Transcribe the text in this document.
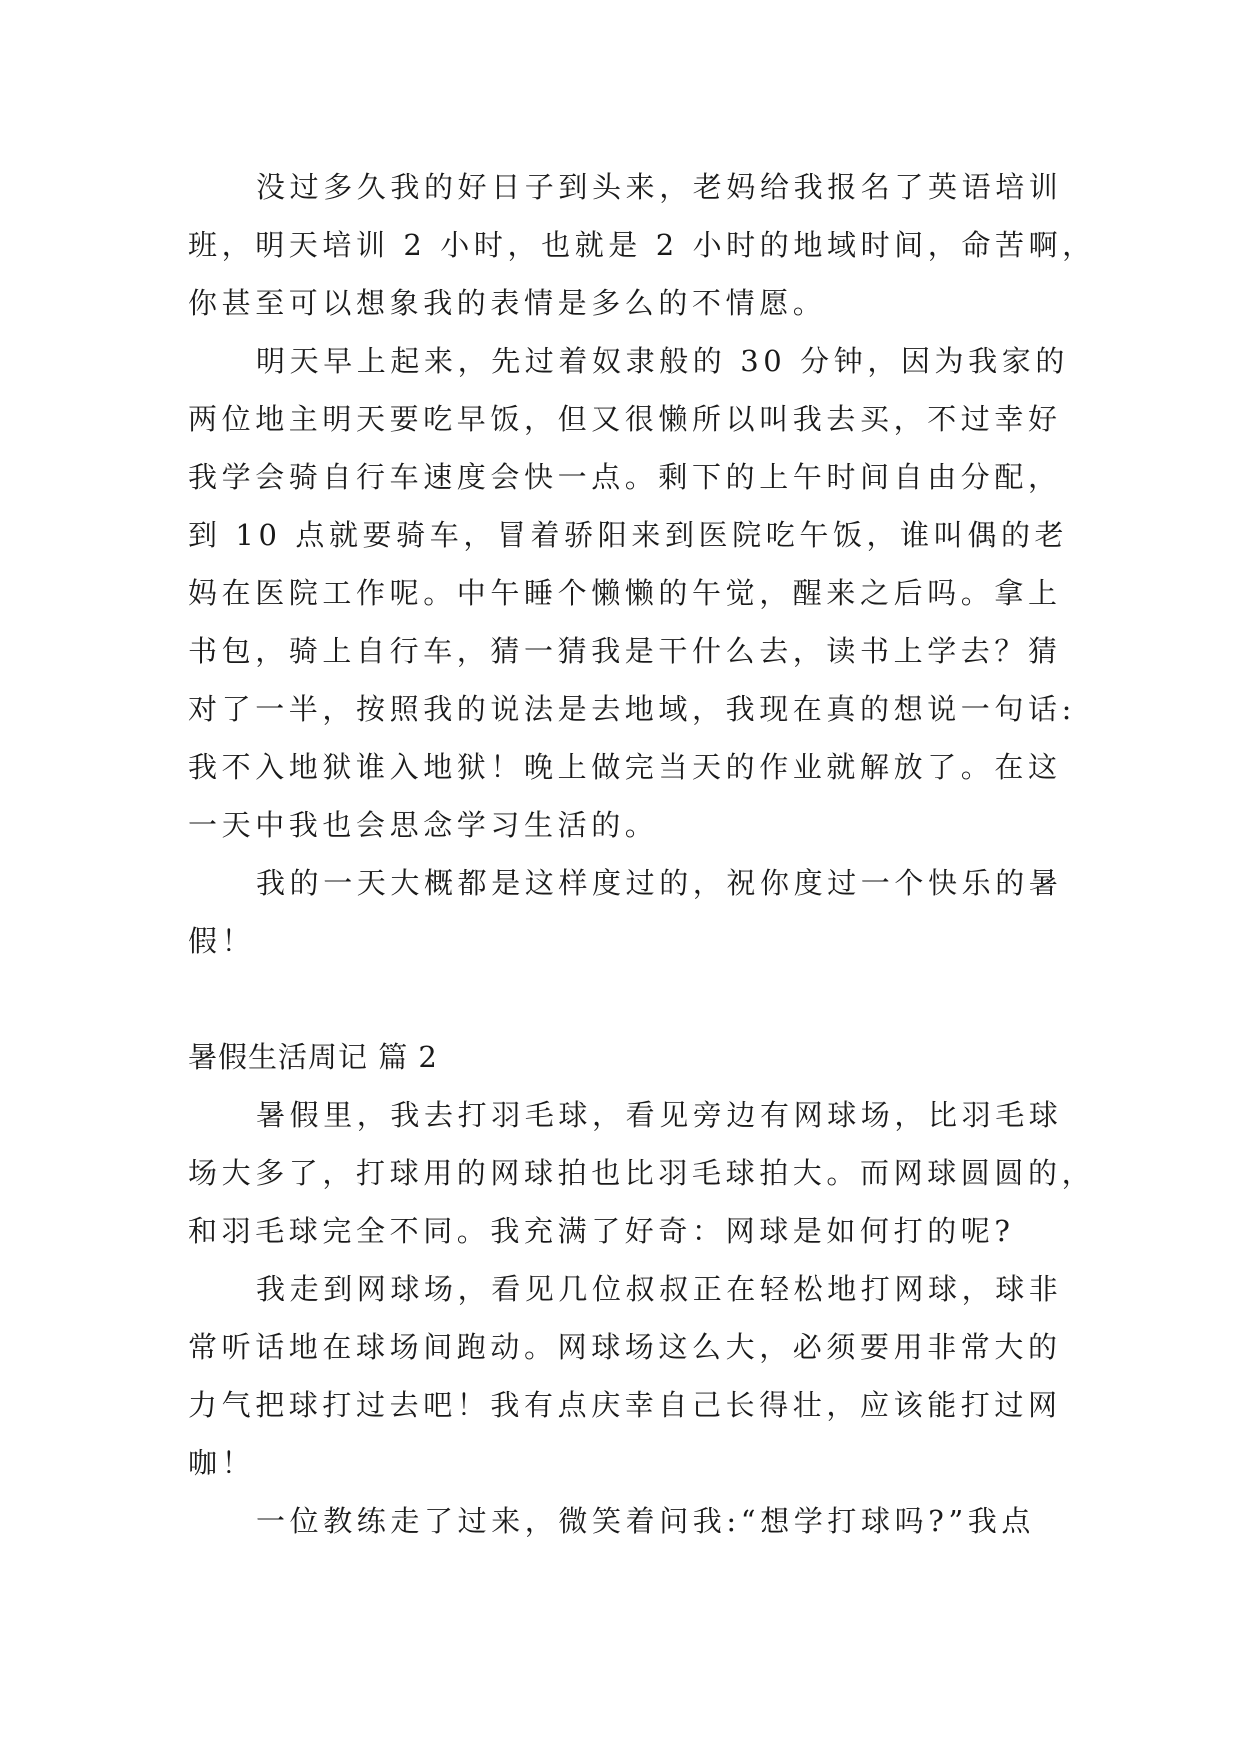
没过多久我的好日子到头来，老妈给我报名了英语培训
班，明天培训 2 小时，也就是 2 小时的地域时间，命苦啊，
你甚至可以想象我的表情是多么的不情愿。
明天早上起来，先过着奴隶般的 30 分钟，因为我家的
两位地主明天要吃早饭，但又很懒所以叫我去买，不过幸好
我学会骑自行车速度会快一点。剩下的上午时间自由分配，
到 10 点就要骑车，冒着骄阳来到医院吃午饭，谁叫偶的老
妈在医院工作呢。中午睡个懒懒的午觉，醒来之后吗。拿上
书包，骑上自行车，猜一猜我是干什么去，读书上学去？猜
对了一半，按照我的说法是去地域，我现在真的想说一句话:
我不入地狱谁入地狱！晚上做完当天的作业就解放了。在这
一天中我也会思念学习生活的。
我的一天大概都是这样度过的，祝你度过一个快乐的暑
假！
暑假生活周记 篇 2
暑假里，我去打羽毛球，看见旁边有网球场，比羽毛球
场大多了，打球用的网球拍也比羽毛球拍大。而网球圆圆的，
和羽毛球完全不同。我充满了好奇：网球是如何打的呢?
我走到网球场，看见几位叔叔正在轻松地打网球，球非
常听话地在球场间跑动。网球场这么大，必须要用非常大的
力气把球打过去吧！我有点庆幸自己长得壮，应该能打过网
咖！
一位教练走了过来，微笑着问我:“想学打球吗?”我点
